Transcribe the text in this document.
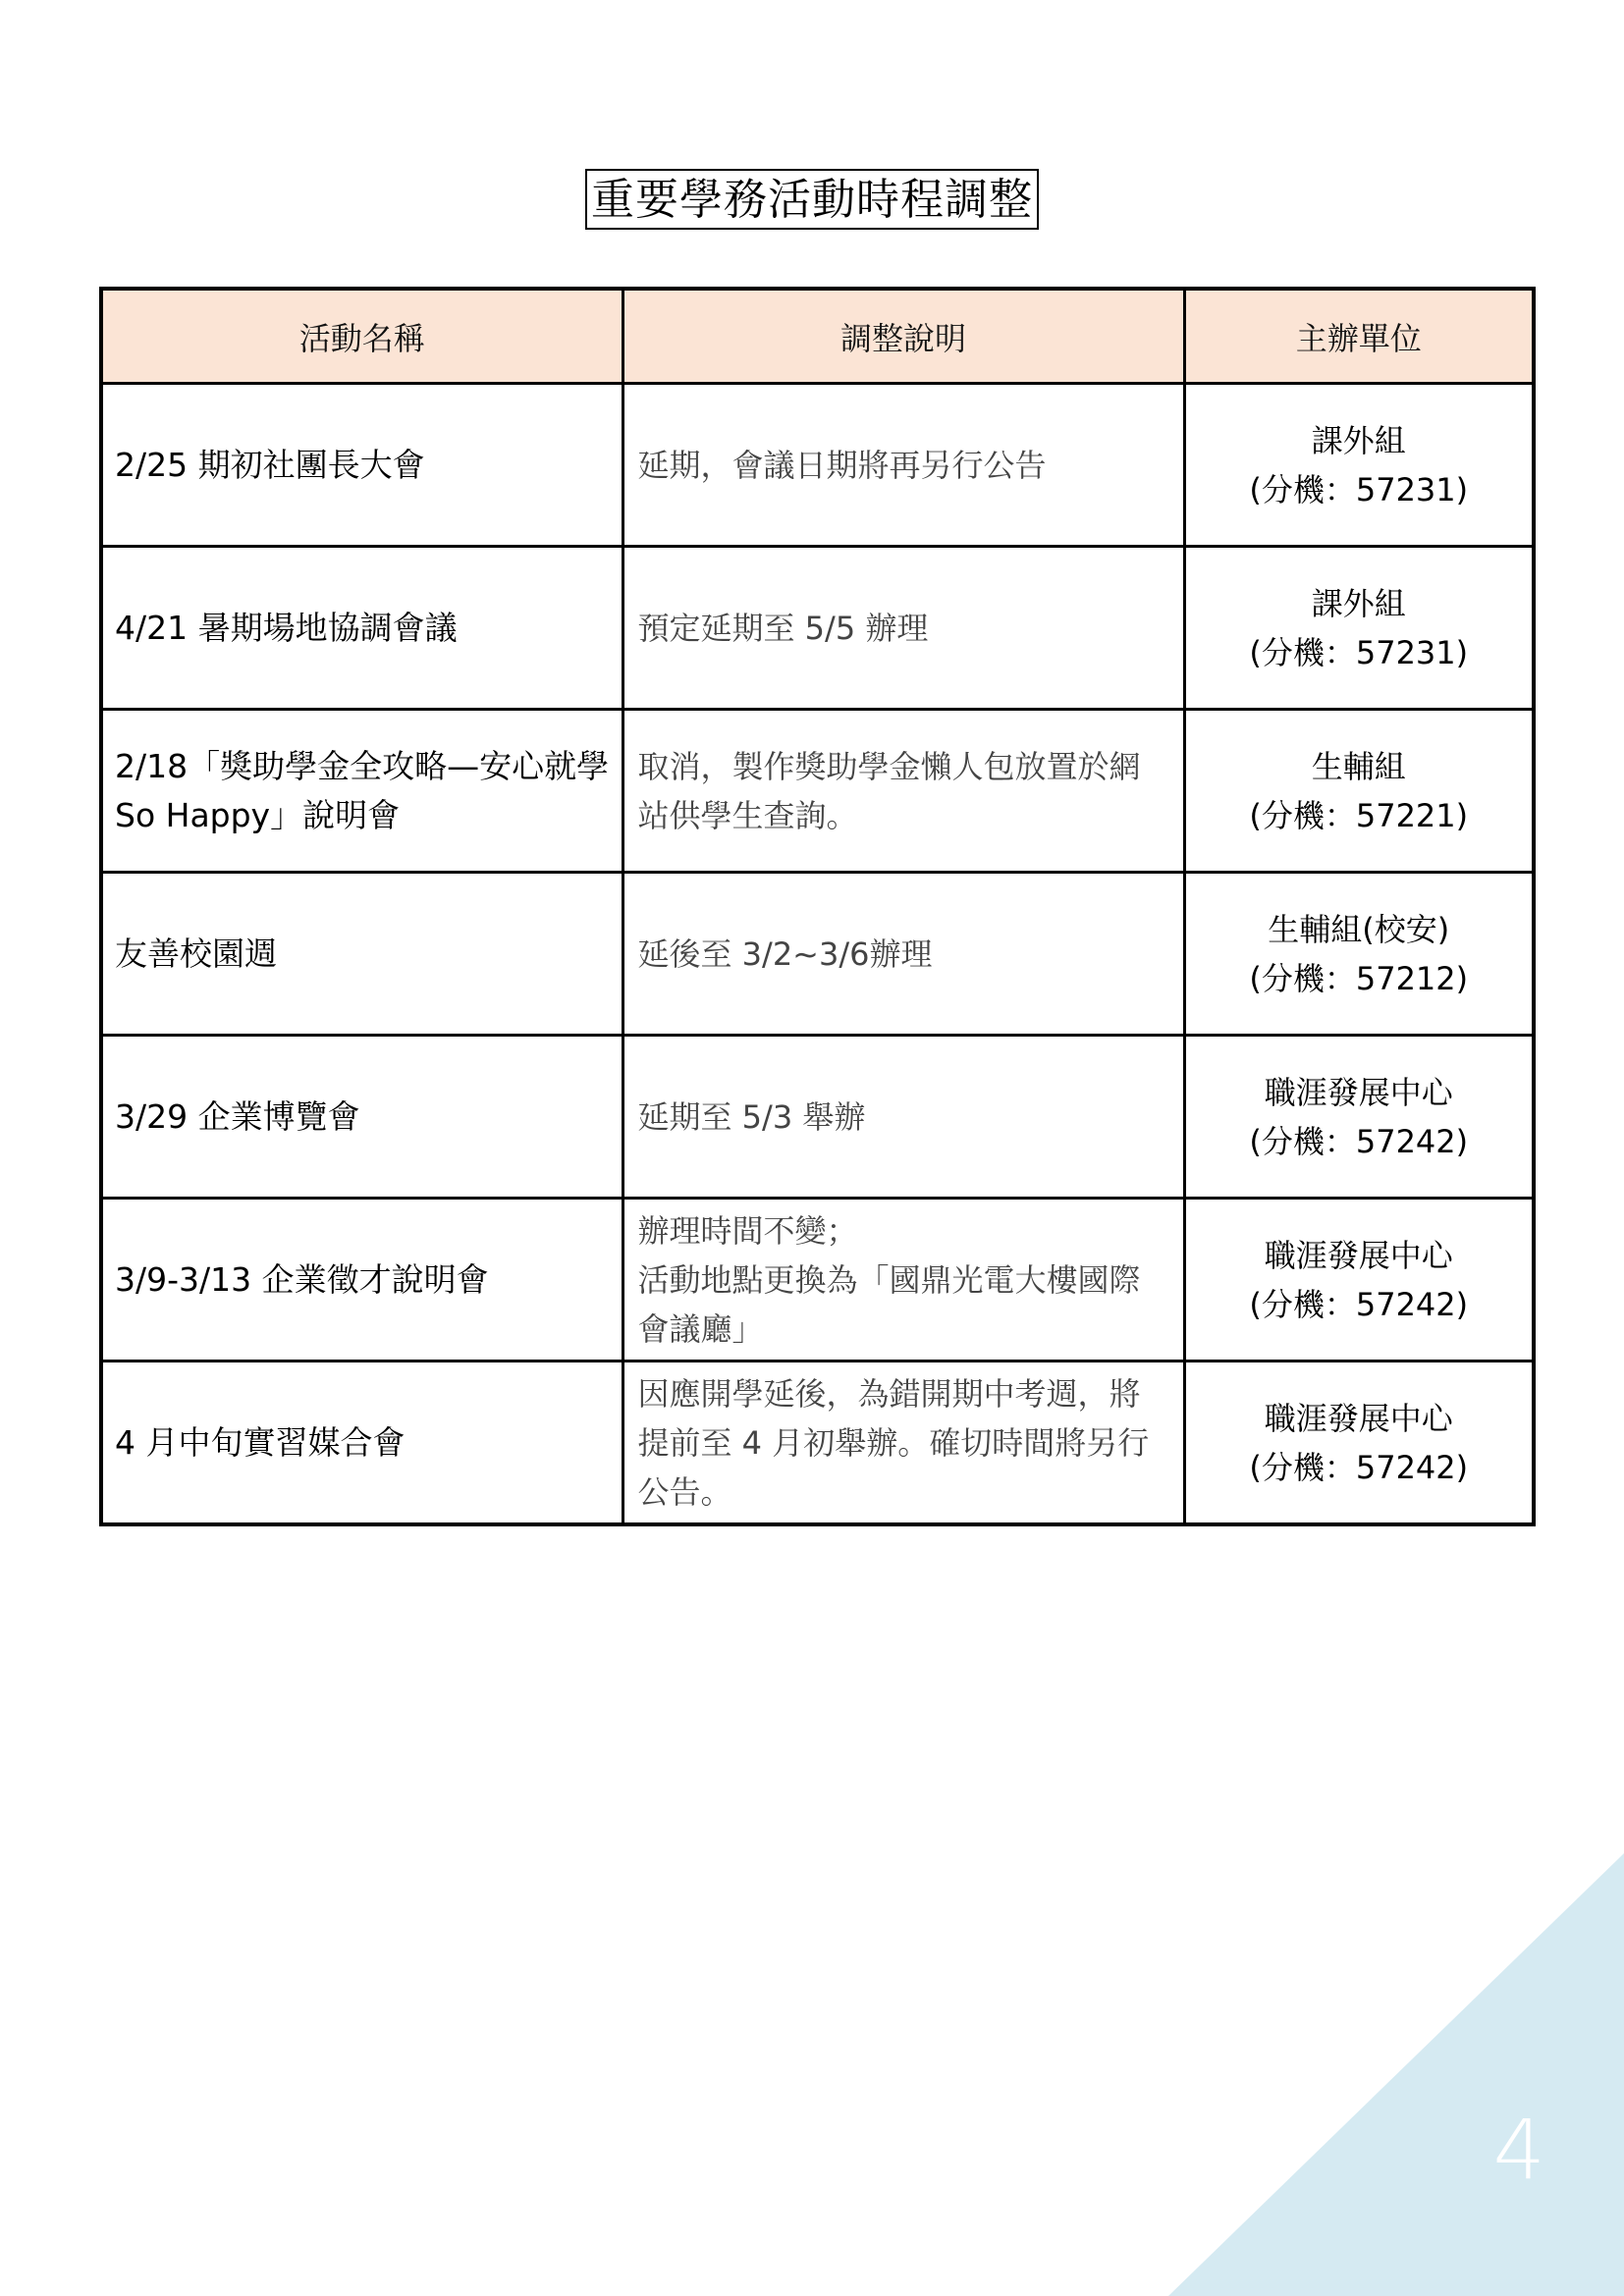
重要學務活動時程調整
活動名稱	調整說明	主辦單位
2/25 期初社團長大會	延期，會議日期將再另行公告	課外組
(分機：57231)

4/21 暑期場地協調會議	預定延期至 5/5 辦理	課外組
(分機：57231)

2/18「獎助學金全攻略—安心就學 So Happy」說明會	取消，製作獎助學金懶人包放置於網站供學生查詢。	生輔組
(分機：57221)

友善校園週	延後至 3/2~3/6辦理	生輔組(校安)
(分機：57212)

3/29 企業博覽會	延期至 5/3 舉辦	職涯發展中心
(分機：57242)

3/9-3/13 企業徵才說明會	辦理時間不變；
活動地點更換為「國鼎光電大樓國際會議廳」	職涯發展中心
(分機：57242)

4 月中旬實習媒合會	因應開學延後，為錯開期中考週，將提前至 4 月初舉辦。確切時間將另行公告。	職涯發展中心
(分機：57242)
4
